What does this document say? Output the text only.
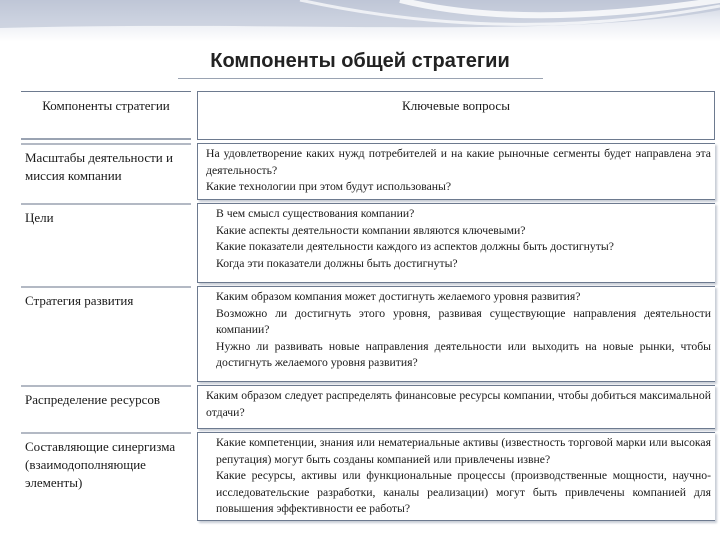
Компоненты общей стратегии
Компоненты стратегии		Ключевые вопросы
Масштабы деятельности и миссия компании		На удовлетворение каких нужд потребителей и на какие рыночные сегменты будет направлена эта деятельность?
Какие технологии при этом будут использованы?

Цели		В чем смысл существования компании?
Какие аспекты деятельности компании являются ключевыми?
Какие показатели деятельности каждого из аспектов должны быть достигнуты?
Когда эти показатели должны быть достигнуты?

Стратегия развития		Каким образом компания может достигнуть желаемого уровня развития?
Возможно ли достигнуть этого уровня, развивая существующие направления деятельности компании?
Нужно ли развивать новые направления деятельности или выходить на новые рынки, чтобы достигнуть желаемого уровня развития?

Распределение ресурсов		Каким образом следует распределять финансовые ресурсы компании, чтобы добиться максимальной отдачи?

Составляющие синергизма (взаимодополняющие элементы)		Какие компетенции, знания или нематериальные активы (известность торговой марки или высокая репутация) могут быть созданы компанией или привлечены извне?
Какие ресурсы, активы или функциональные процессы (производственные мощности, научно-исследовательские разработки, каналы реализации) могут быть привлечены компанией для повышения эффективности ее работы?
